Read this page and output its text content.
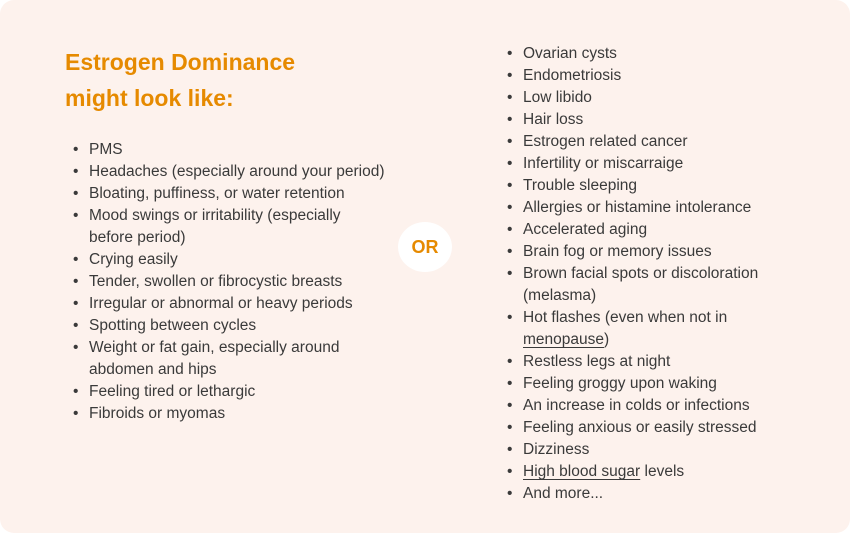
Estrogen Dominance
might look like:
• PMS
• Headaches (especially around your period)
• Bloating, puffiness, or water retention
• Mood swings or irritability (especially before period)
• Crying easily
• Tender, swollen or fibrocystic breasts
• Irregular or abnormal or heavy periods
• Spotting between cycles
• Weight or fat gain, especially around abdomen and hips
• Feeling tired or lethargic
• Fibroids or myomas
OR
• Ovarian cysts
• Endometriosis
• Low libido
• Hair loss
• Estrogen related cancer
• Infertility or miscarraige
• Trouble sleeping
• Allergies or histamine intolerance
• Accelerated aging
• Brain fog or memory issues
• Brown facial spots or discoloration (melasma)
• Hot flashes (even when not in menopause)
• Restless legs at night
• Feeling groggy upon waking
• An increase in colds or infections
• Feeling anxious or easily stressed
• Dizziness
• High blood sugar levels
• And more...
